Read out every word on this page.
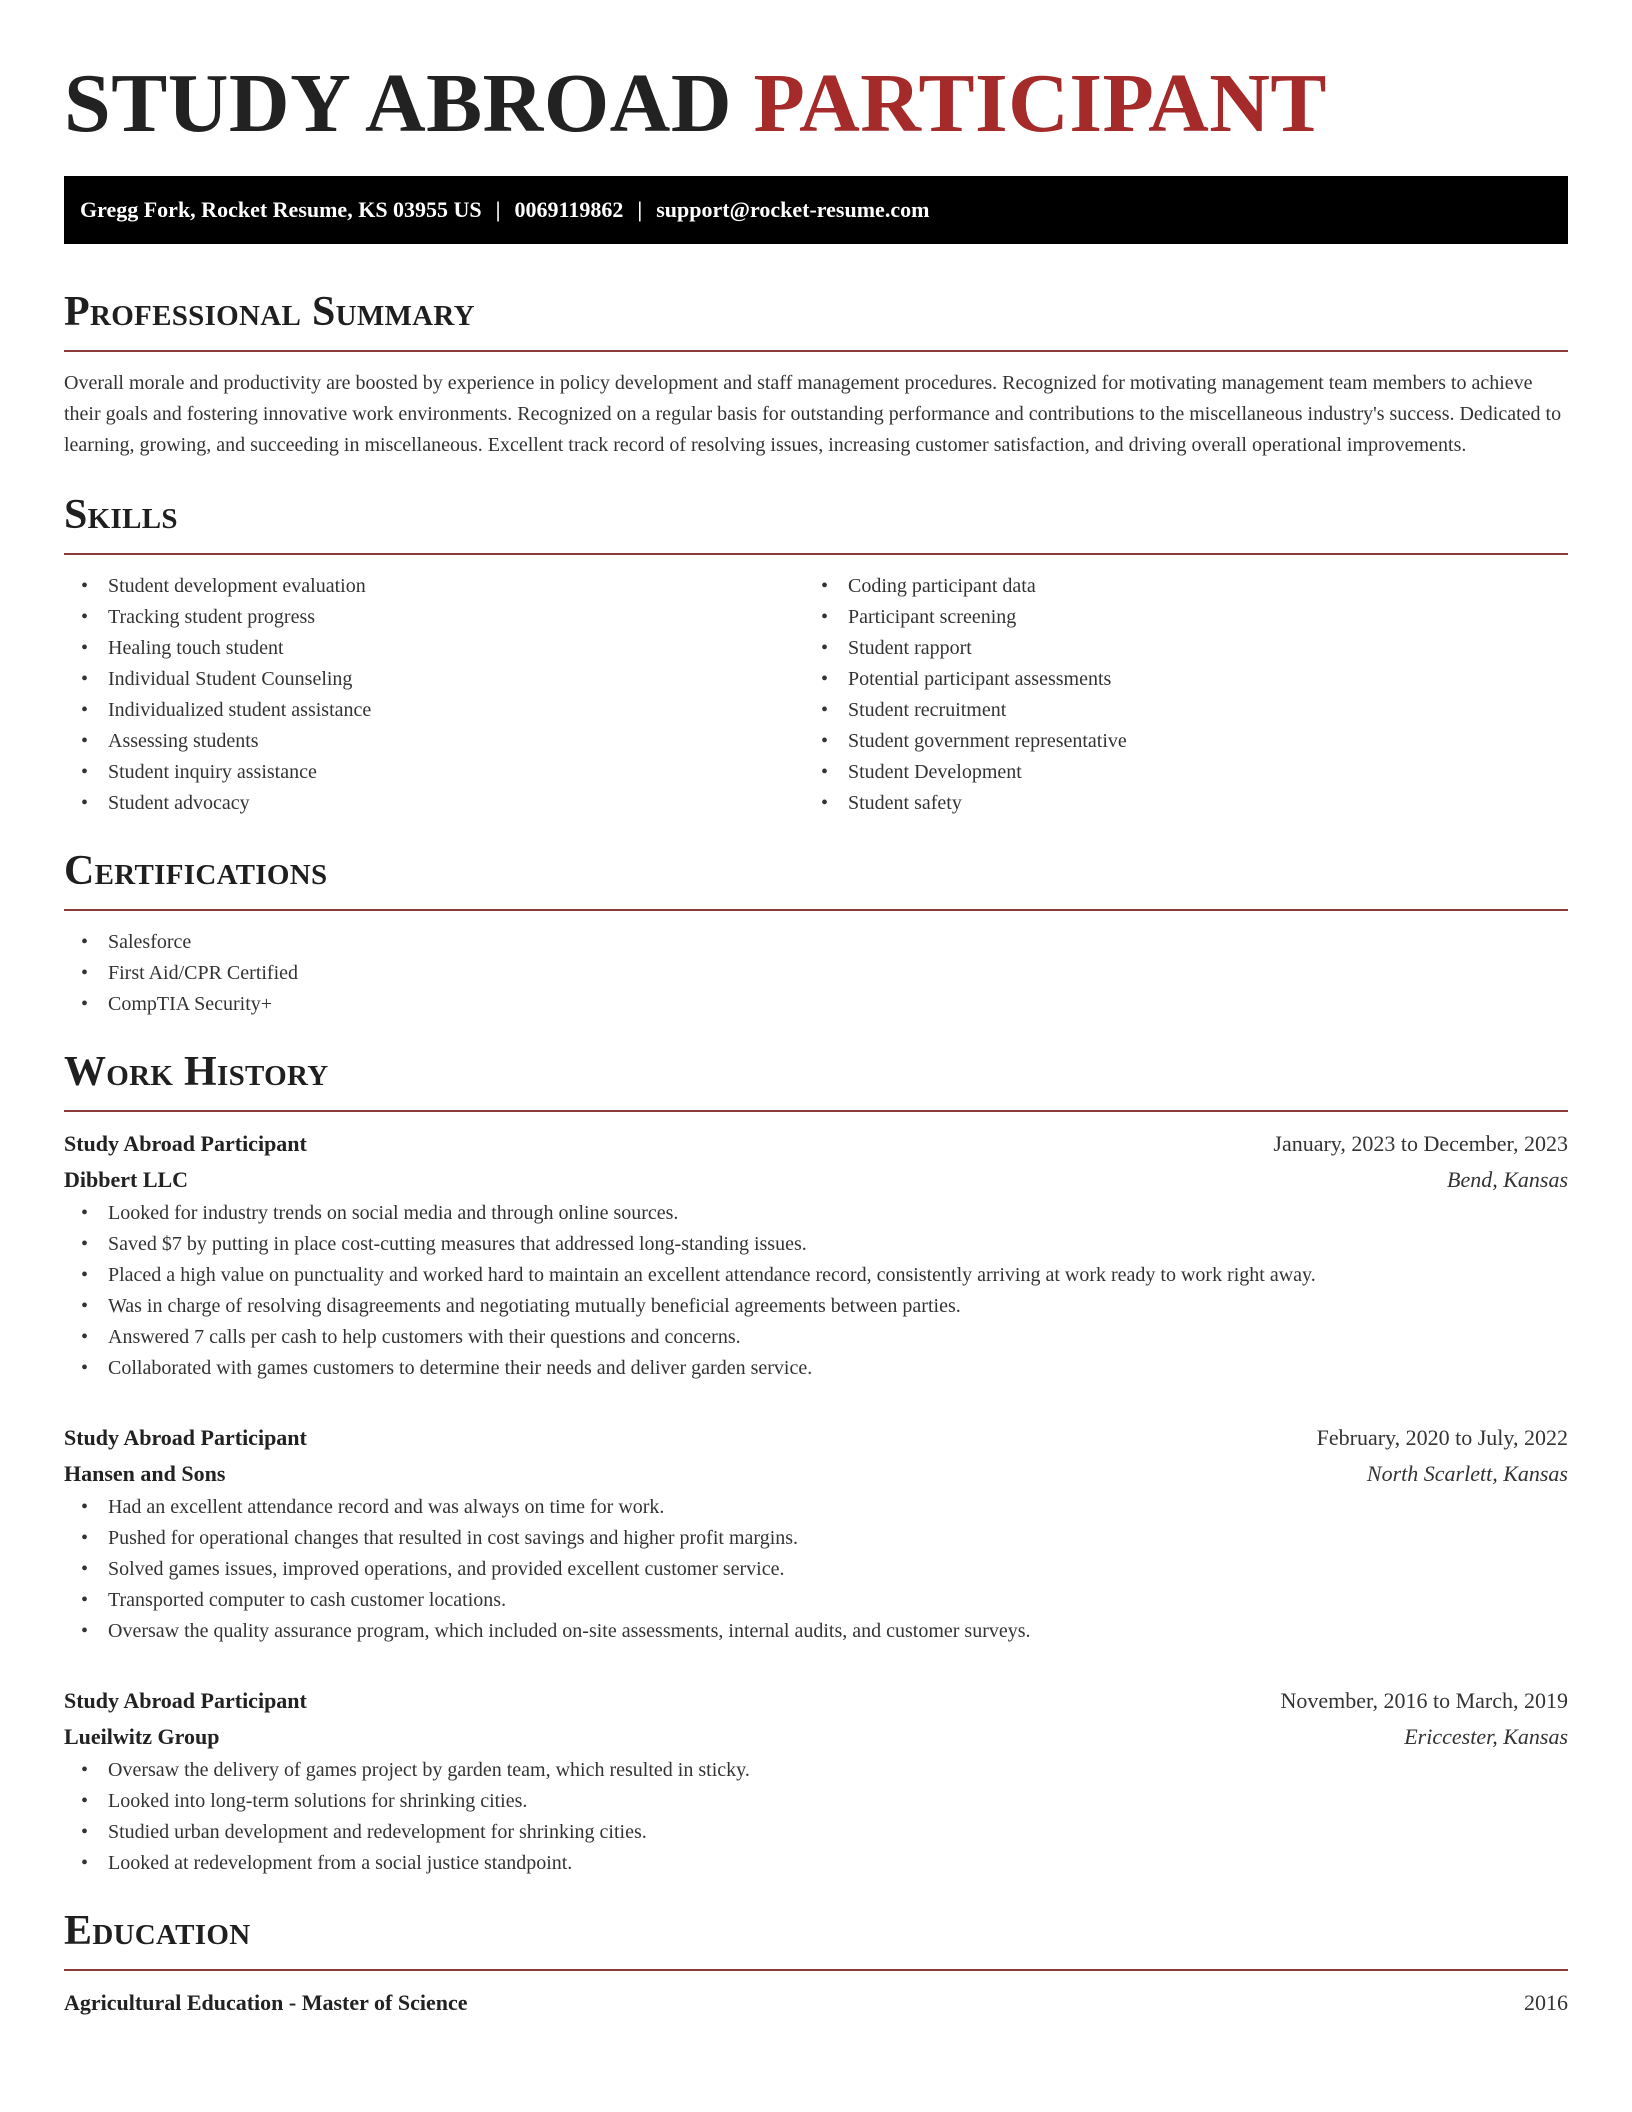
STUDY ABROAD PARTICIPANT
Gregg Fork, Rocket Resume, KS 03955 US | 0069119862 | support@rocket-resume.com
Professional Summary

Overall morale and productivity are boosted by experience in policy development and staff management procedures. Recognized for motivating management team members to achieve their goals and fostering innovative work environments. Recognized on a regular basis for outstanding performance and contributions to the miscellaneous industry's success. Dedicated to learning, growing, and succeeding in miscellaneous. Excellent track record of resolving issues, increasing customer satisfaction, and driving overall operational improvements.

Skills
• Student development evaluation
• Tracking student progress
• Healing touch student
• Individual Student Counseling
• Individualized student assistance
• Assessing students
• Student inquiry assistance
• Student advocacy
• Coding participant data
• Participant screening
• Student rapport
• Potential participant assessments
• Student recruitment
• Student government representative
• Student Development
• Student safety
Certifications
• Salesforce
• First Aid/CPR Certified
• CompTIA Security+
Work History
Study Abroad Participant	January, 2023 to December, 2023
Dibbert LLC	Bend, Kansas
• Looked for industry trends on social media and through online sources.
• Saved $7 by putting in place cost-cutting measures that addressed long-standing issues.
• Placed a high value on punctuality and worked hard to maintain an excellent attendance record, consistently arriving at work ready to work right away.
• Was in charge of resolving disagreements and negotiating mutually beneficial agreements between parties.
• Answered 7 calls per cash to help customers with their questions and concerns.
• Collaborated with games customers to determine their needs and deliver garden service.
Study Abroad Participant	February, 2020 to July, 2022
Hansen and Sons	North Scarlett, Kansas
• Had an excellent attendance record and was always on time for work.
• Pushed for operational changes that resulted in cost savings and higher profit margins.
• Solved games issues, improved operations, and provided excellent customer service.
• Transported computer to cash customer locations.
• Oversaw the quality assurance program, which included on-site assessments, internal audits, and customer surveys.
Study Abroad Participant	November, 2016 to March, 2019
Lueilwitz Group	Ericcester, Kansas
• Oversaw the delivery of games project by garden team, which resulted in sticky.
• Looked into long-term solutions for shrinking cities.
• Studied urban development and redevelopment for shrinking cities.
• Looked at redevelopment from a social justice standpoint.
Education
Agricultural Education - Master of Science	2016
